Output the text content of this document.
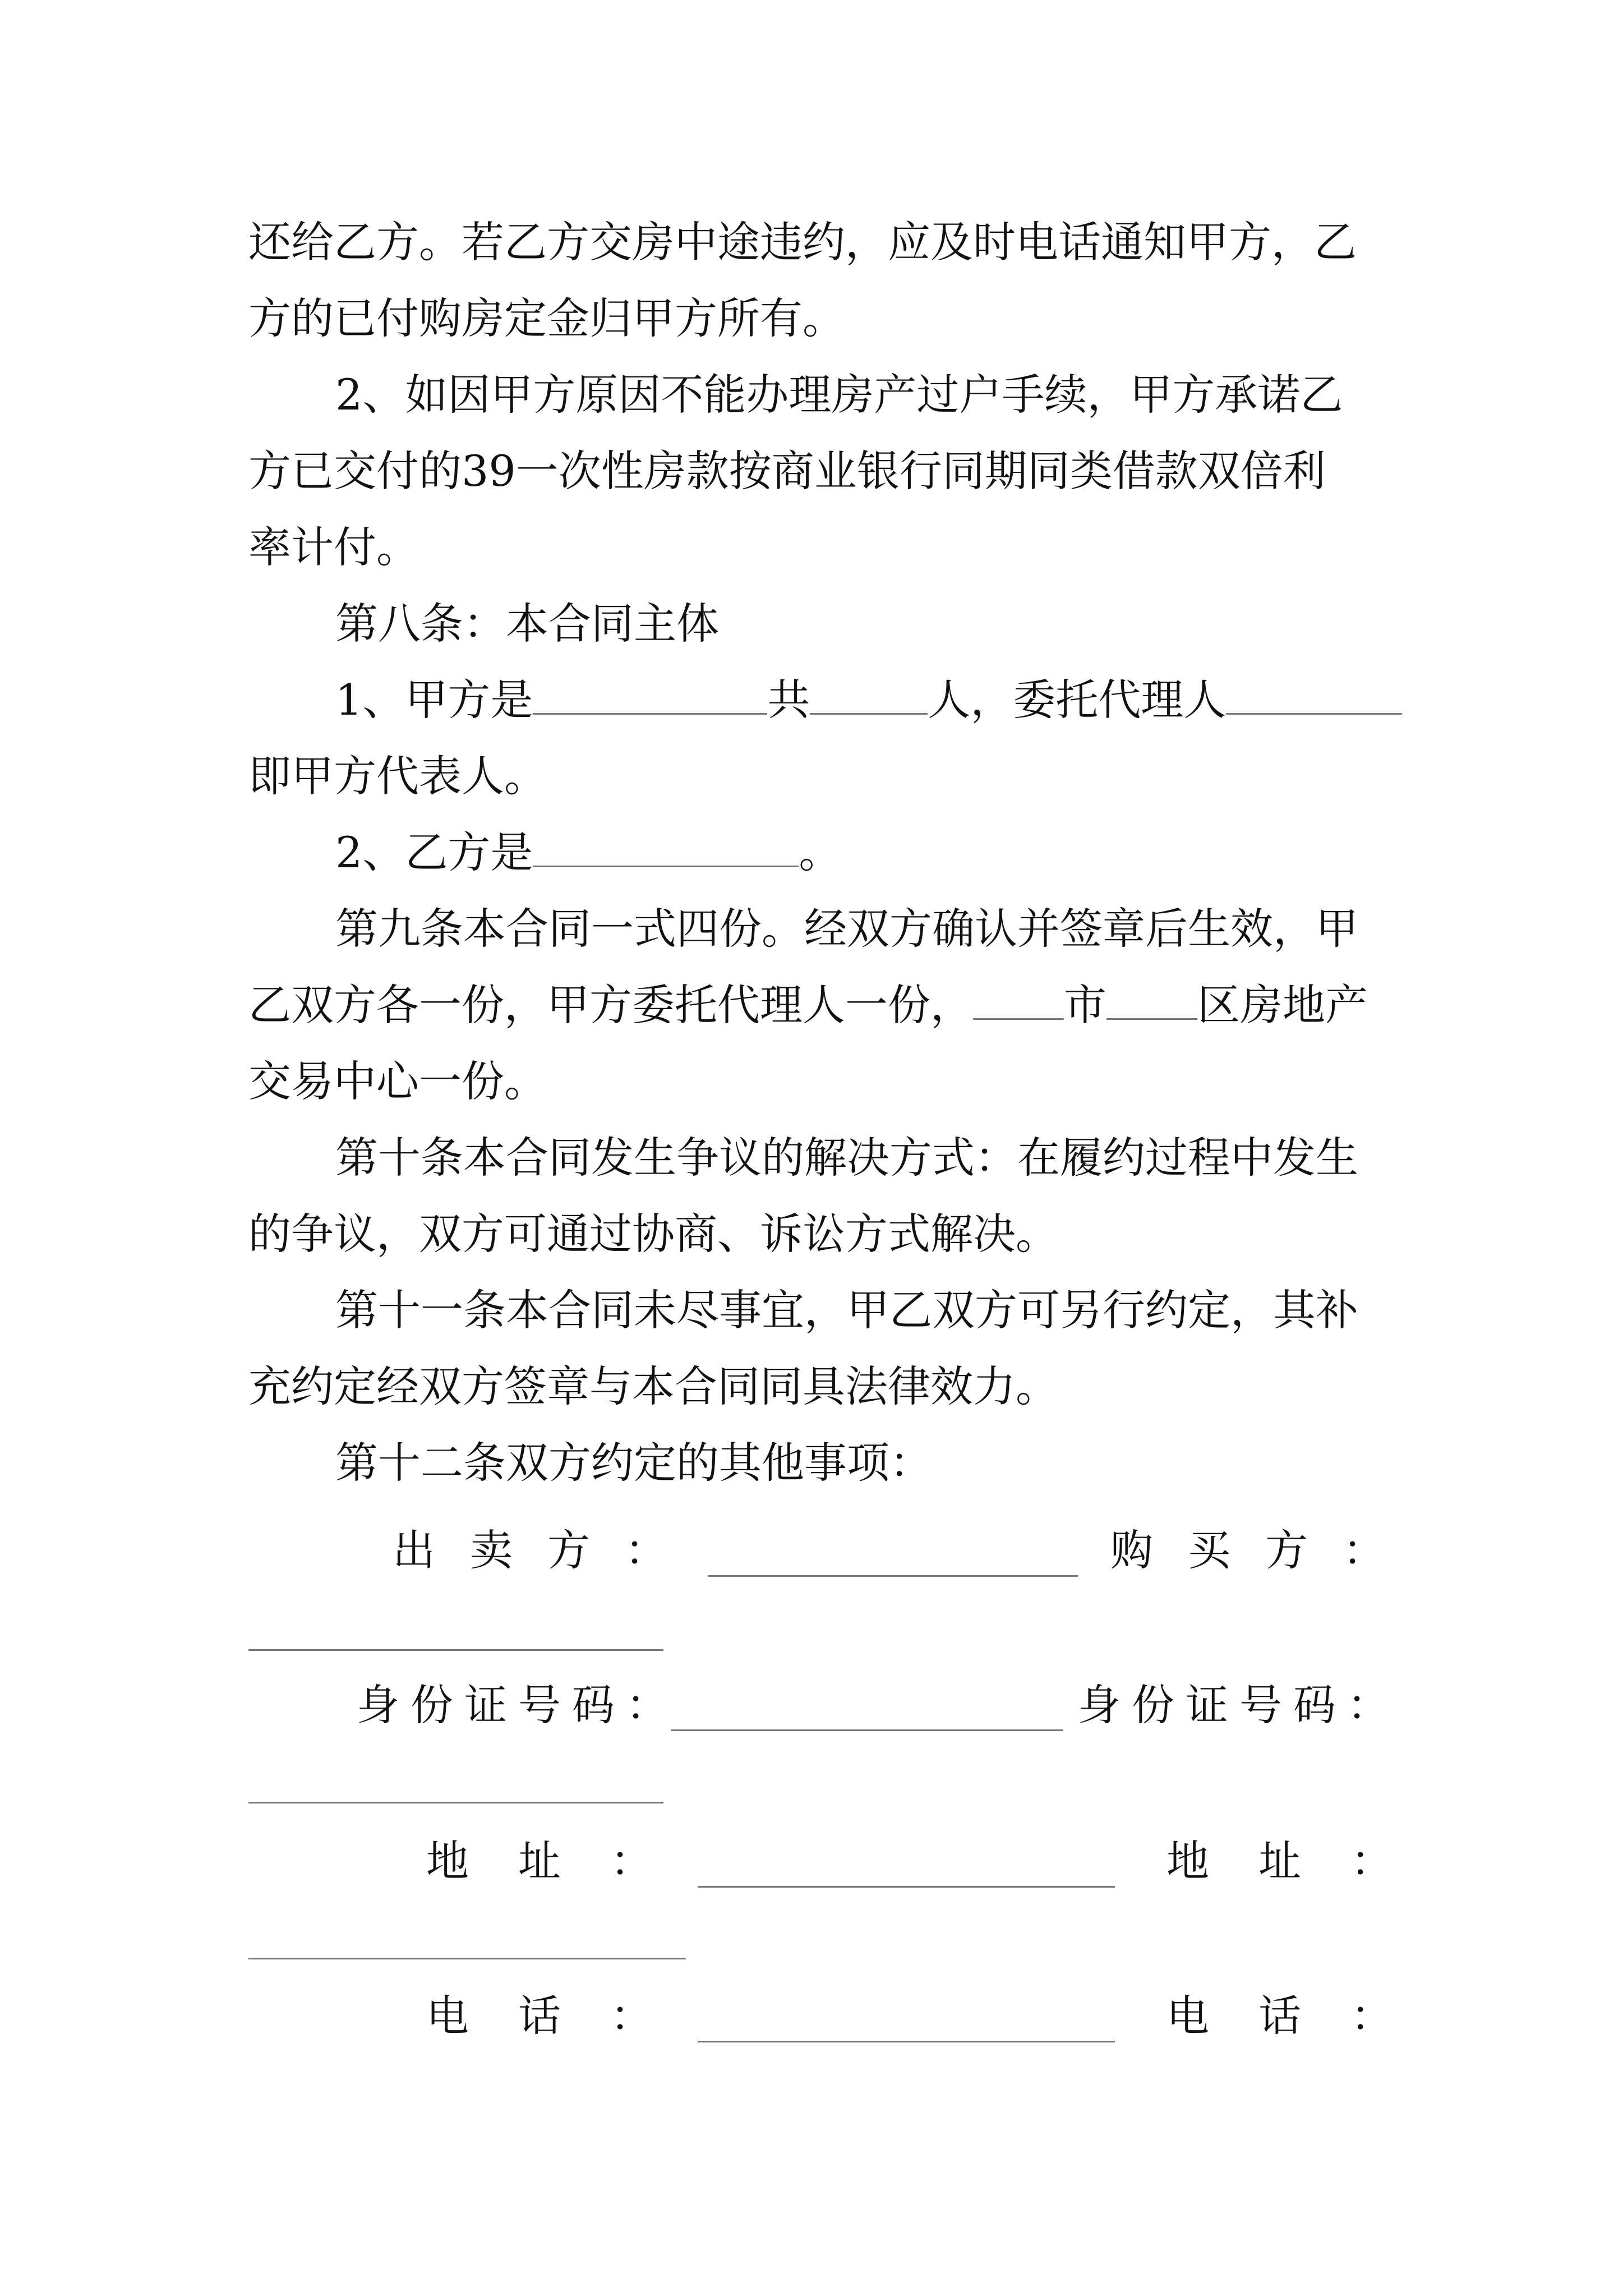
还给乙方。若乙方交房中途违约，应及时电话通知甲方，乙
方的已付购房定金归甲方所有。
2、如因甲方原因不能办理房产过户手续，甲方承诺乙
方已交付的39一次性房款按商业银行同期同类借款双倍利
率计付。
第八条：本合同主体
1、甲方是	共	人，委托代理人
即甲方代表人。
2、乙方是	。
第九条本合同一式四份。经双方确认并签章后生效，甲
乙双方各一份，甲方委托代理人一份， 市 区房地产
交易中心一份。
第十条本合同发生争议的解决方式：在履约过程中发生
的争议，双方可通过协商、诉讼方式解决。
第十一条本合同未尽事宜，甲乙双方可另行约定，其补
充约定经双方签章与本合同同具法律效力。
第十二条双方约定的其他事项：
出卖方：	购买方：
身份证号码：	身份证号码：
地址：	地址：
电话：	电话：
